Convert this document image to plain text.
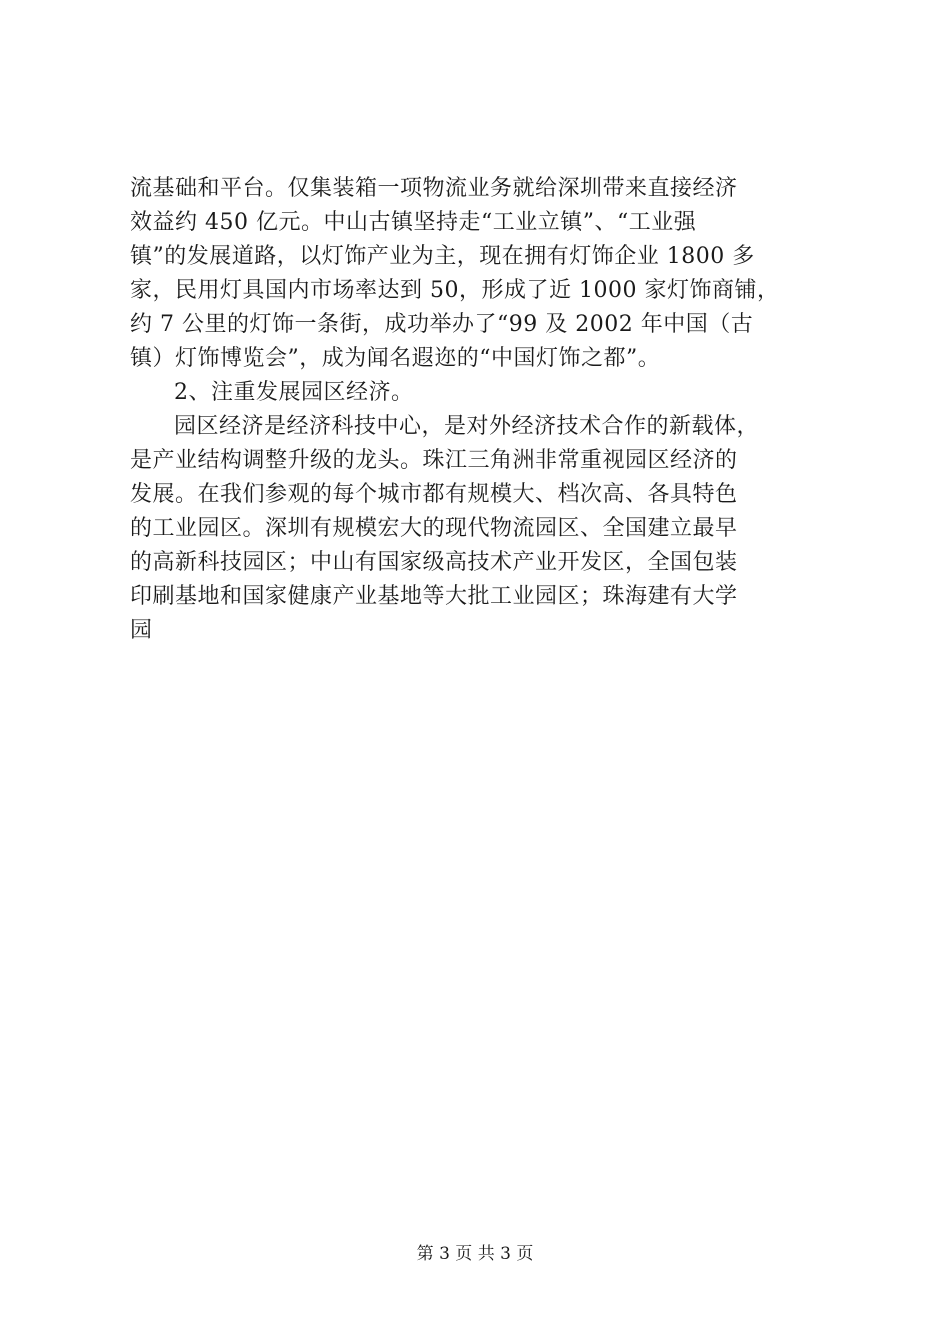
流基础和平台。仅集装箱一项物流业务就给深圳带来直接经济
效益约 450 亿元。中山古镇坚持走“工业立镇”、“工业强
镇”的发展道路，以灯饰产业为主，现在拥有灯饰企业 1800 多
家，民用灯具国内市场率达到 50，形成了近 1000 家灯饰商铺，
约 7 公里的灯饰一条街，成功举办了“99 及 2002 年中国（古
镇）灯饰博览会”，成为闻名遐迩的“中国灯饰之都”。
2、注重发展园区经济。
园区经济是经济科技中心，是对外经济技术合作的新载体，
是产业结构调整升级的龙头。珠江三角洲非常重视园区经济的
发展。在我们参观的每个城市都有规模大、档次高、各具特色
的工业园区。深圳有规模宏大的现代物流园区、全国建立最早
的高新科技园区；中山有国家级高技术产业开发区，全国包装
印刷基地和国家健康产业基地等大批工业园区；珠海建有大学
园
第 3 页 共 3 页
